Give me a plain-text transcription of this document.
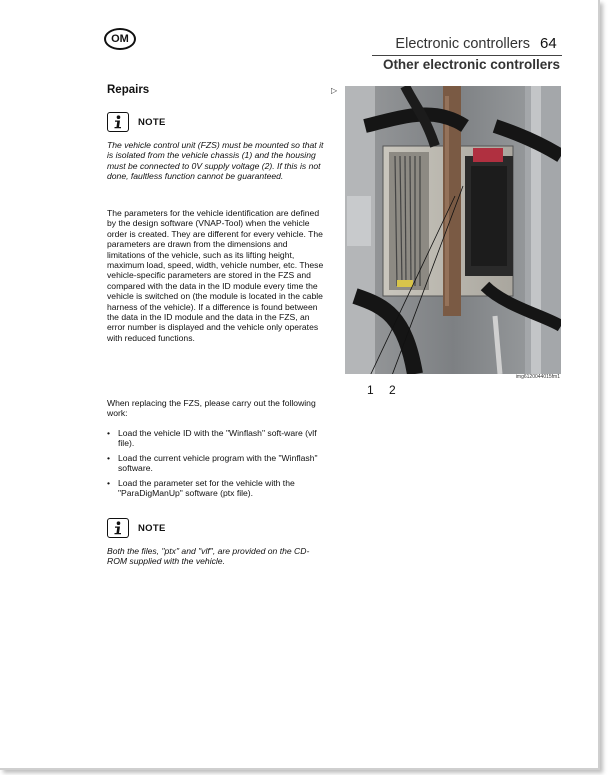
OM	Electronic controllers 64
Other electronic controllers
Repairs
NOTE
The vehicle control unit (FZS) must be mounted so that it is isolated from the vehicle chassis (1) and the housing must be connected to 0V supply voltage (2). If this is not done, faultless function cannot be guaranteed.
The parameters for the vehicle identification are defined by the design software (VNAP-Tool) when the vehicle order is created. They are different for every vehicle. The parameters are drawn from the dimensions and limitations of the vehicle, such as its lifting height, maximum load, speed, width, vehicle number, etc. These vehicle-specific parameters are stored in the FZS and compared with the data in the ID module every time the vehicle is switched on (the module is located in the cable harness of the vehicle). If a difference is found between the data in the ID module and the data in the FZS, an error number is displayed and the vehicle only operates with reduced functions.
When replacing the FZS, please carry out the following work:
• Load the vehicle ID with the "Winflash" soft-ware (vlf file).
• Load the current vehicle program with the "Winflash" software.
• Load the parameter set for the vehicle with the "ParaDigManUp" software (ptx file).
NOTE
Both the files, "ptx" and "vlf", are provided on the CD-ROM supplied with the vehicle.
▷
1 2
img6120044015fm1
